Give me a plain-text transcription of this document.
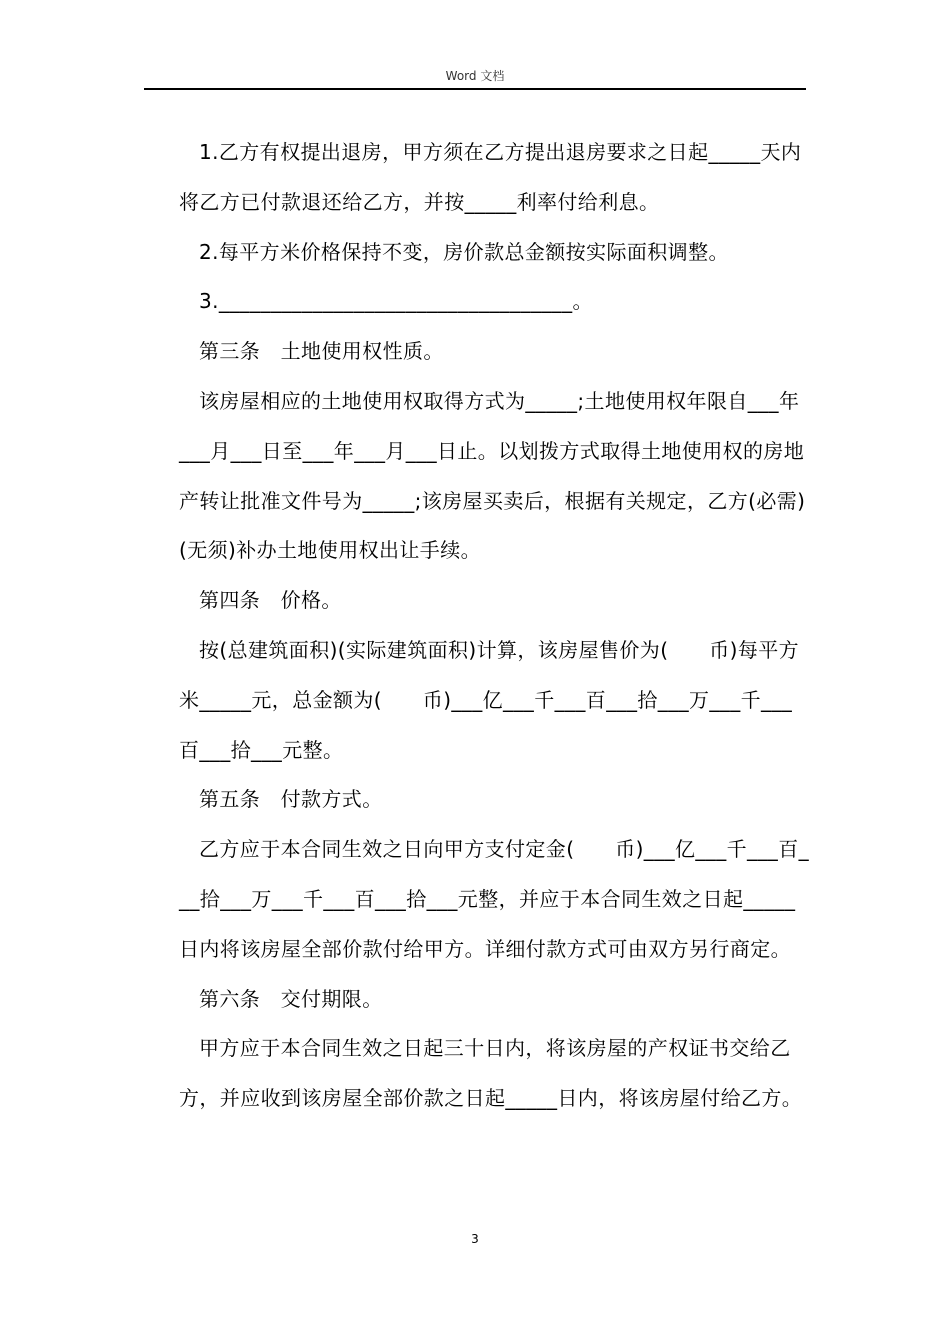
Word 文档

1.乙方有权提出退房，甲方须在乙方提出退房要求之日起_____天内将乙方已付款退还给乙方，并按_____利率付给利息。

2.每平方米价格保持不变，房价款总金额按实际面积调整。

3.__________________________________。

第三条　土地使用权性质。

该房屋相应的土地使用权取得方式为_____;土地使用权年限自___年___月___日至___年___月___日止。以划拨方式取得土地使用权的房地产转让批准文件号为_____;该房屋买卖后，根据有关规定，乙方(必需)(无须)补办土地使用权出让手续。

第四条　价格。

按(总建筑面积)(实际建筑面积)计算，该房屋售价为(　　币)每平方米_____元，总金额为(　　币)___亿___千___百___拾___万___千___百___拾___元整。

第五条　付款方式。

乙方应于本合同生效之日向甲方支付定金(　　币)___亿___千___百___拾___万___千___百___拾___元整，并应于本合同生效之日起_____日内将该房屋全部价款付给甲方。详细付款方式可由双方另行商定。

第六条　交付期限。

甲方应于本合同生效之日起三十日内，将该房屋的产权证书交给乙方，并应收到该房屋全部价款之日起_____日内，将该房屋付给乙方。

3
